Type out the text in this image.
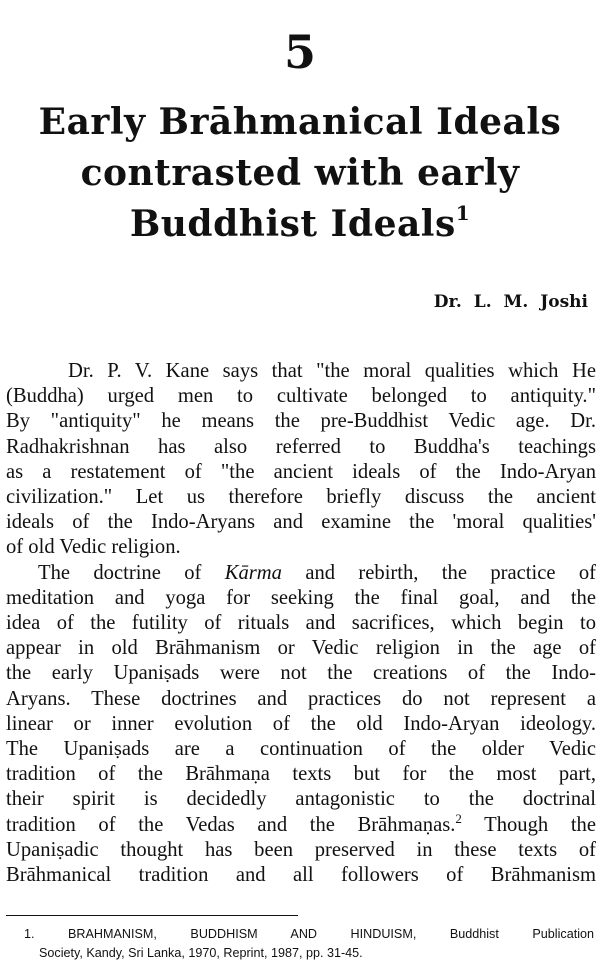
5
Early Brāhmanical Ideals
contrasted with early
Buddhist Ideals$^1$
Dr. L. M. Joshi
Dr. P. V. Kane says that "the moral qualities which He
(Buddha) urged men to cultivate belonged to antiquity."
By "antiquity" he means the pre-Buddhist Vedic age. Dr.
Radhakrishnan has also referred to Buddha's teachings
as a restatement of "the ancient ideals of the Indo-Aryan
civilization." Let us therefore briefly discuss the ancient
ideals of the Indo-Aryans and examine the 'moral qualities'
of old Vedic religion.
The doctrine of Kārma and rebirth, the practice of
meditation and yoga for seeking the final goal, and the
idea of the futility of rituals and sacrifices, which begin to
appear in old Brāhmanism or Vedic religion in the age of
the early Upaniṣads were not the creations of the Indo-
Aryans. These doctrines and practices do not represent a
linear or inner evolution of the old Indo-Aryan ideology.
The Upaniṣads are a continuation of the older Vedic
tradition of the Brāhmaṇa texts but for the most part,
their spirit is decidedly antagonistic to the doctrinal
tradition of the Vedas and the Brāhmaṇas.$^2$ Though the
Upaniṣadic thought has been preserved in these texts of
Brāhmanical tradition and all followers of Brāhmanism
1. BRAHMANISM, BUDDHISM AND HINDUISM, Buddhist Publication
Society, Kandy, Sri Lanka, 1970, Reprint, 1987, pp. 31-45.
